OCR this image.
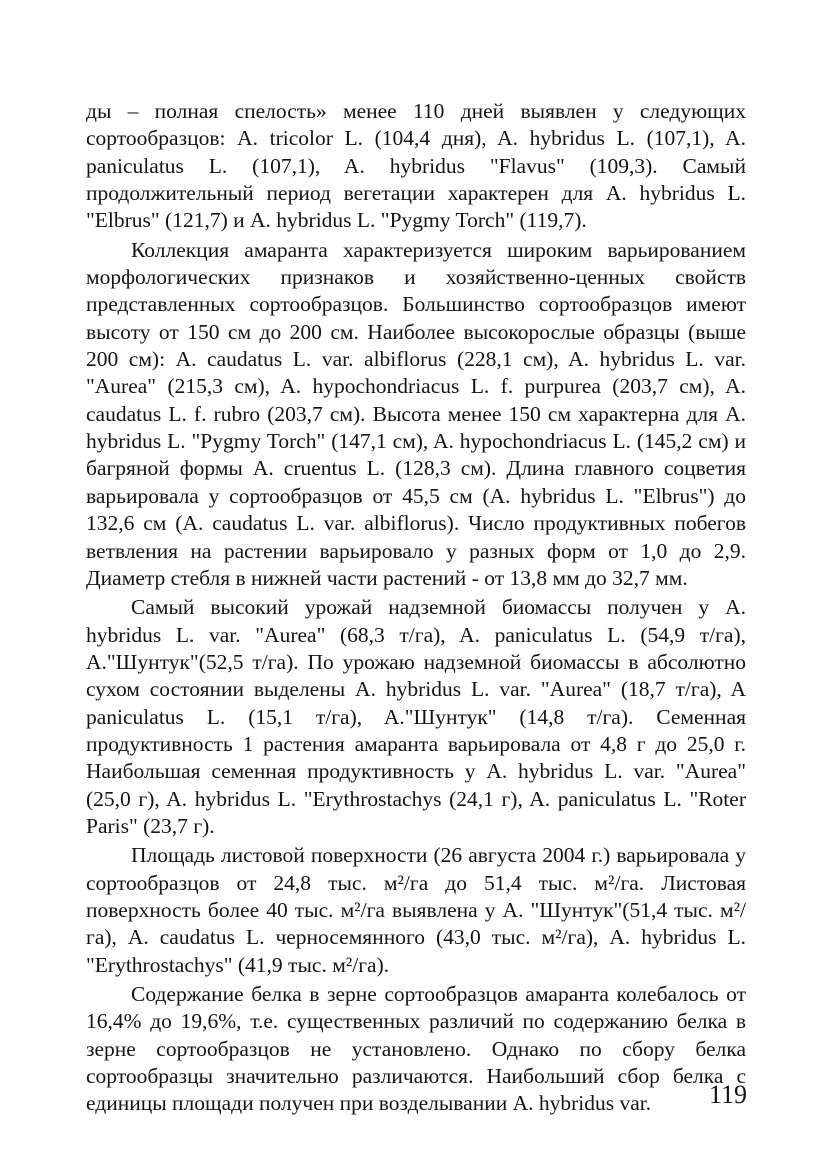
ды – полная спелость» менее 110 дней выявлен у следующих сортообразцов: A. tricolor L. (104,4 дня), A. hybridus L. (107,1), A. paniculatus L. (107,1), A. hybridus "Flavus" (109,3). Самый продолжительный период вегетации характерен для A. hybridus L. "Elbrus" (121,7) и A. hybridus L. "Pygmy Torch" (119,7).

Коллекция амаранта характеризуется широким варьированием морфологических признаков и хозяйственно-ценных свойств представленных сортообразцов. Большинство сортообразцов имеют высоту от 150 см до 200 см. Наиболее высокорослые образцы (выше 200 см): A. caudatus L. var. albiflorus (228,1 см), A. hybridus L. var. "Aurea" (215,3 см), A. hypochondriacus L. f. purpurea (203,7 см), A. caudatus L. f. rubro (203,7 см). Высота менее 150 см характерна для A. hybridus L. "Pygmy Torch" (147,1 см), A. hypochondriacus L. (145,2 см) и багряной формы A. cruentus L. (128,3 см). Длина главного соцветия варьировала у сортообразцов от 45,5 см (A. hybridus L. "Elbrus") до 132,6 см (A. caudatus L. var. albiflorus). Число продуктивных побегов ветвления на растении варьировало у разных форм от 1,0 до 2,9. Диаметр стебля в нижней части растений - от 13,8 мм до 32,7 мм.

Самый высокий урожай надземной биомассы получен у A. hybridus L. var. "Aurea" (68,3 т/га), A. paniculatus L. (54,9 т/га), A."Шунтук"(52,5 т/га). По урожаю надземной биомассы в абсолютно сухом состоянии выделены A. hybridus L. var. "Aurea" (18,7 т/га), A paniculatus L. (15,1 т/га), A."Шунтук" (14,8 т/га). Семенная продуктивность 1 растения амаранта варьировала от 4,8 г до 25,0 г. Наибольшая семенная продуктивность у A. hybridus L. var. "Aurea" (25,0 г), A. hybridus L. "Erythrostachys (24,1 г), A. paniculatus L. "Roter Paris" (23,7 г).

Площадь листовой поверхности (26 августа 2004 г.) варьировала у сортообразцов от 24,8 тыс. м²/га до 51,4 тыс. м²/га. Листовая поверхность более 40 тыс. м²/га выявлена у A. "Шунтук"(51,4 тыс. м²/га), A. caudatus L. черносемянного (43,0 тыс. м²/га), A. hybridus L. "Erythrostachys" (41,9 тыс. м²/га).

Содержание белка в зерне сортообразцов амаранта колебалось от 16,4% до 19,6%, т.е. существенных различий по содержанию белка в зерне сортообразцов не установлено. Однако по сбору белка сортообразцы значительно различаются. Наибольший сбор белка с единицы площади получен при возделывании A. hybridus var.	119
